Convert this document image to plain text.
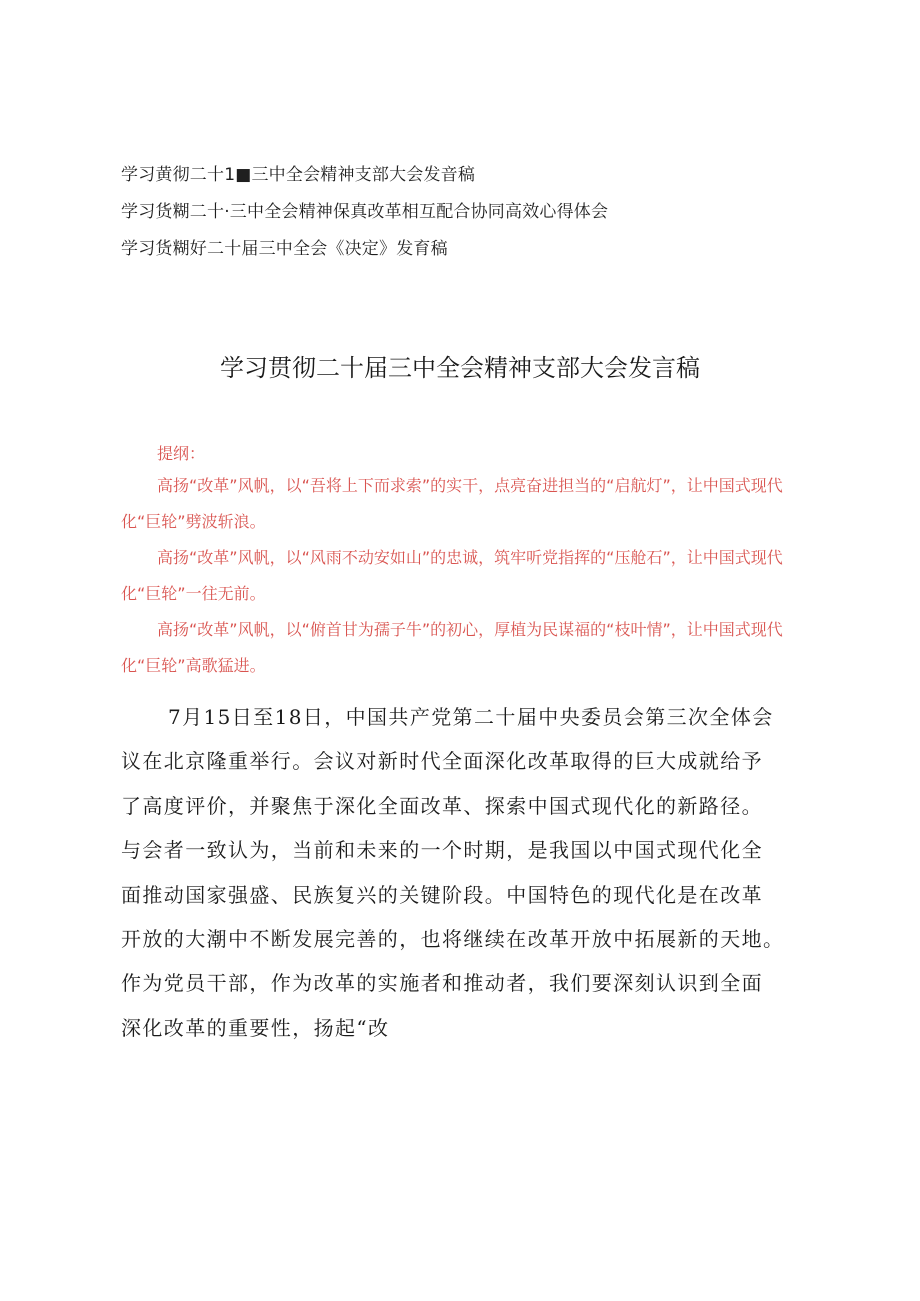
学习黄彻二十1■三中全会精神支部大会发音稿
学习货糊二十·三中全会精神保真改革相互配合协同高效心得体会
学习货糊好二十届三中全会《决定》发育稿
学习贯彻二十届三中全会精神支部大会发言稿
提纲：

高扬“改革”风帆，以“吾将上下而求索”的实干，点亮奋进担当的“启航灯”，让中国式现代化“巨轮”劈波斩浪。

高扬“改革”风帆，以“风雨不动安如山”的忠诚，筑牢听党指挥的“压舱石”，让中国式现代化“巨轮”一往无前。

高扬“改革”风帆，以“俯首甘为孺子牛”的初心，厚植为民谋福的“枝叶情”，让中国式现代化“巨轮”高歌猛进。

7月15日至18日，中国共产党第二十届中央委员会第三次全体会
议在北京隆重举行。会议对新时代全面深化改革取得的巨大成就给予
了高度评价，并聚焦于深化全面改革、探索中国式现代化的新路径。
与会者一致认为，当前和未来的一个时期，是我国以中国式现代化全
面推动国家强盛、民族复兴的关键阶段。中国特色的现代化是在改革
开放的大潮中不断发展完善的，也将继续在改革开放中拓展新的天地。
作为党员干部，作为改革的实施者和推动者，我们要深刻认识到全面
深化改革的重要性，扬起“改
